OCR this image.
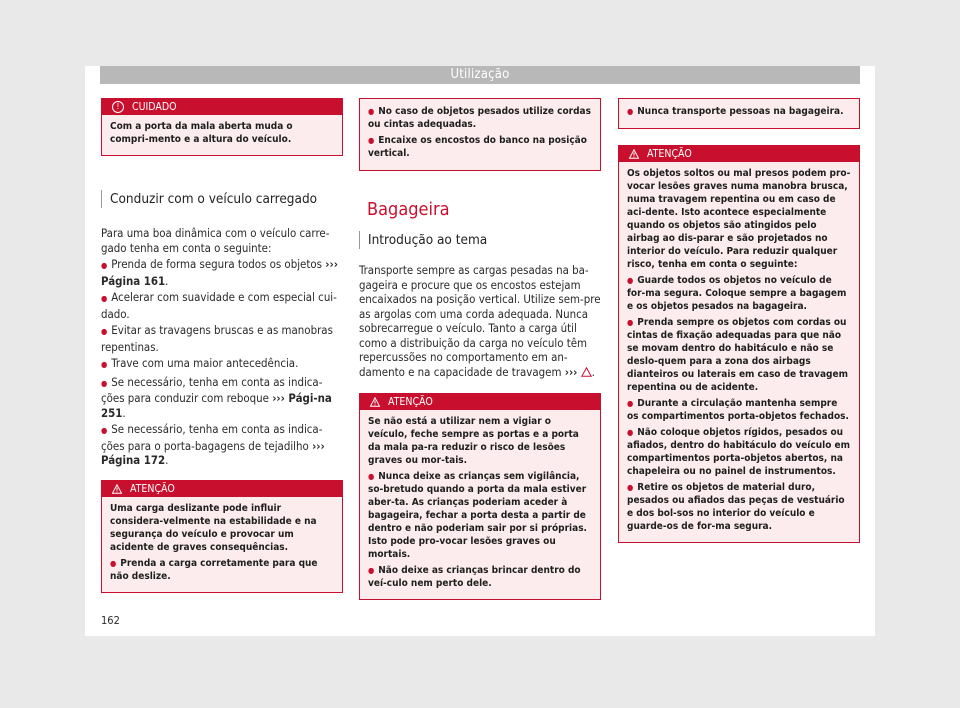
Utilização
!	CUIDADO

Com a porta da mala aberta muda o compri-mento e a altura do veículo.

Conduzir com o veículo carregado

Para uma boa dinâmica com o veículo carre-gado tenha em conta o seguinte:

● Prenda de forma segura todos os objetos ››› Página 161.

● Acelerar com suavidade e com especial cui-dado.

● Evitar as travagens bruscas e as manobras repentinas.

● Trave com uma maior antecedência.

● Se necessário, tenha em conta as indica-ções para conduzir com reboque ››› Pági-na 251.

● Se necessário, tenha em conta as indica-ções para o porta-bagagens de tejadilho ››› Página 172.

ATENÇÃO

Uma carga deslizante pode influir considera-velmente na estabilidade e na segurança do veículo e provocar um acidente de graves consequências.

● Prenda a carga corretamente para que não deslize.

● No caso de objetos pesados utilize cordas ou cintas adequadas.

● Encaixe os encostos do banco na posição vertical.

Bagageira
Introdução ao tema

Transporte sempre as cargas pesadas na ba-gageira e procure que os encostos estejam encaixados na posição vertical. Utilize sem-pre as argolas com uma corda adequada. Nunca sobrecarregue o veículo. Tanto a carga útil como a distribuição da carga no veículo têm repercussões no comportamento em an-damento e na capacidade de travagem ››› .

ATENÇÃO

Se não está a utilizar nem a vigiar o veículo, feche sempre as portas e a porta da mala pa-ra reduzir o risco de lesões graves ou mor-tais.

● Nunca deixe as crianças sem vigilância, so-bretudo quando a porta da mala estiver aber-ta. As crianças poderiam aceder à bagageira, fechar a porta desta a partir de dentro e não poderiam sair por si próprias. Isto pode pro-vocar lesões graves ou mortais.

● Não deixe as crianças brincar dentro do veí-culo nem perto dele.

● Nunca transporte pessoas na bagageira.

ATENÇÃO

Os objetos soltos ou mal presos podem pro-vocar lesões graves numa manobra brusca, numa travagem repentina ou em caso de aci-dente. Isto acontece especialmente quando os objetos são atingidos pelo airbag ao dis-parar e são projetados no interior do veículo. Para reduzir qualquer risco, tenha em conta o seguinte:

● Guarde todos os objetos no veículo de for-ma segura. Coloque sempre a bagagem e os objetos pesados na bagageira.

● Prenda sempre os objetos com cordas ou cintas de fixação adequadas para que não se movam dentro do habitáculo e não se deslo-quem para a zona dos airbags dianteiros ou laterais em caso de travagem repentina ou de acidente.

● Durante a circulação mantenha sempre os compartimentos porta-objetos fechados.

● Não coloque objetos rígidos, pesados ou afiados, dentro do habitáculo do veículo em compartimentos porta-objetos abertos, na chapeleira ou no painel de instrumentos.

● Retire os objetos de material duro, pesados ou afiados das peças de vestuário e dos bol-sos no interior do veículo e guarde-os de for-ma segura.

162
